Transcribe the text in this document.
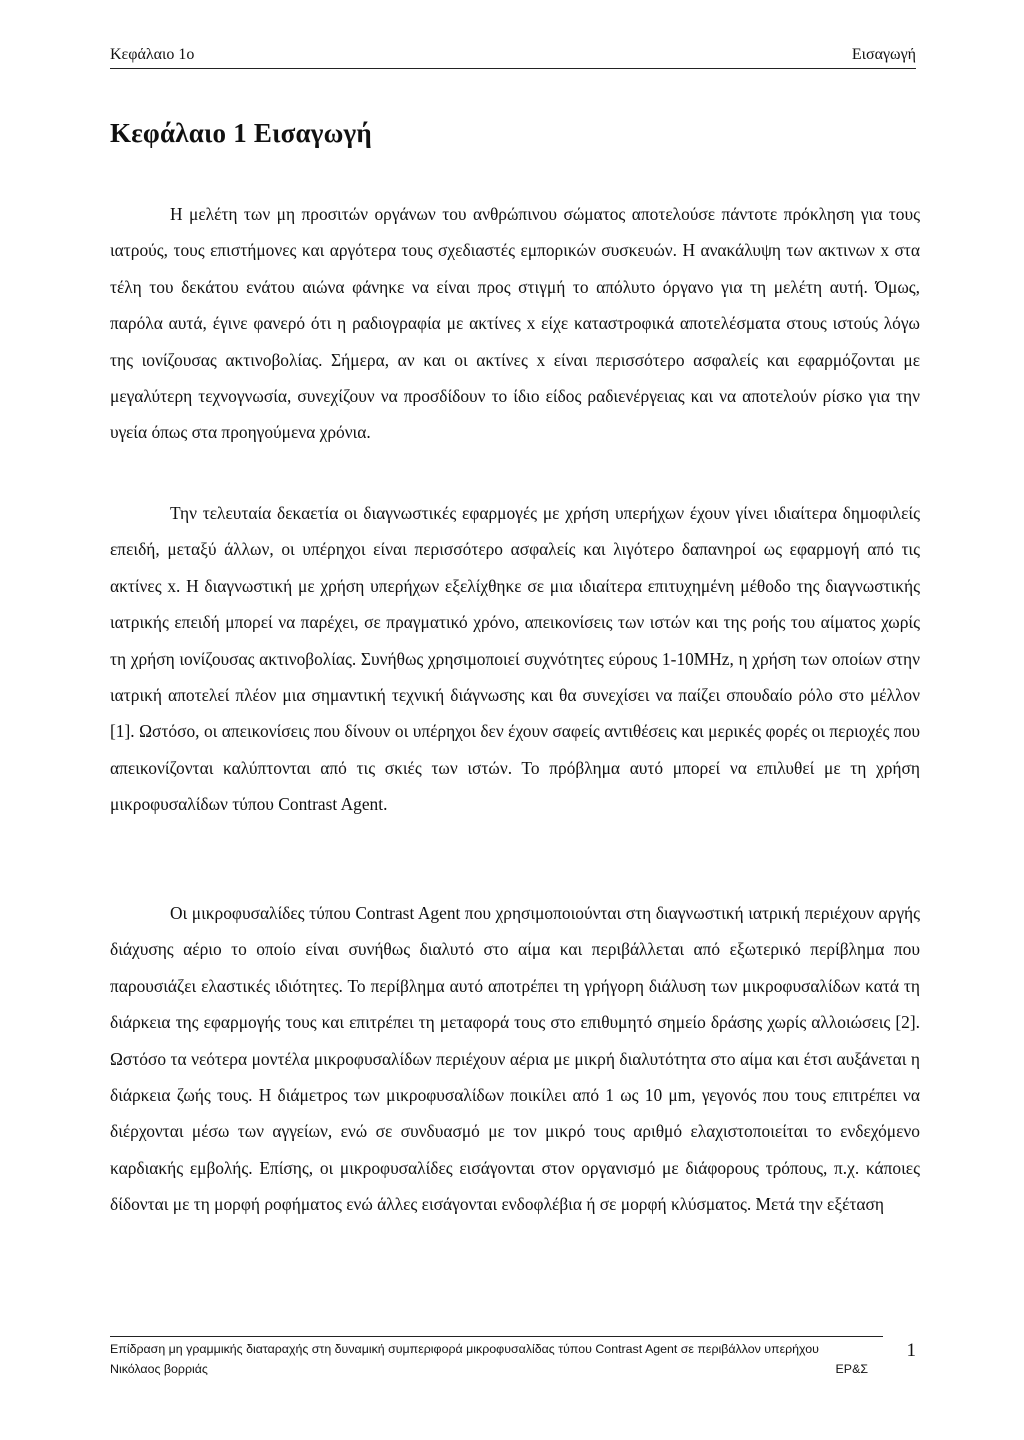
Κεφάλαιο 1ο	Εισαγωγή
Κεφάλαιο 1 Εισαγωγή

Η μελέτη των μη προσιτών οργάνων του ανθρώπινου σώματος αποτελούσε πάντοτε πρόκληση για τους ιατρούς, τους επιστήμονες και αργότερα τους σχεδιαστές εμπορικών συσκευών. Η ανακάλυψη των ακτινων x στα τέλη του δεκάτου ενάτου αιώνα φάνηκε να είναι προς στιγμή το απόλυτο όργανο για τη μελέτη αυτή. Όμως, παρόλα αυτά, έγινε φανερό ότι η ραδιογραφία με ακτίνες x είχε καταστροφικά αποτελέσματα στους ιστούς λόγω της ιονίζουσας ακτινοβολίας. Σήμερα, αν και οι ακτίνες x είναι περισσότερο ασφαλείς και εφαρμόζονται με μεγαλύτερη τεχνογνωσία, συνεχίζουν να προσδίδουν το ίδιο είδος ραδιενέργειας και να αποτελούν ρίσκο για την υγεία όπως στα προηγούμενα χρόνια.

Την τελευταία δεκαετία οι διαγνωστικές εφαρμογές με χρήση υπερήχων έχουν γίνει ιδιαίτερα δημοφιλείς επειδή, μεταξύ άλλων, οι υπέρηχοι είναι περισσότερο ασφαλείς και λιγότερο δαπανηροί ως εφαρμογή από τις ακτίνες x. Η διαγνωστική με χρήση υπερήχων εξελίχθηκε σε μια ιδιαίτερα επιτυχημένη μέθοδο της διαγνωστικής ιατρικής επειδή μπορεί να παρέχει, σε πραγματικό χρόνο, απεικονίσεις των ιστών και της ροής του αίματος χωρίς τη χρήση ιονίζουσας ακτινοβολίας. Συνήθως χρησιμοποιεί συχνότητες εύρους 1-10MHz, η χρήση των οποίων στην ιατρική αποτελεί πλέον μια σημαντική τεχνική διάγνωσης και θα συνεχίσει να παίζει σπουδαίο ρόλο στο μέλλον [1]. Ωστόσο, οι απεικονίσεις που δίνουν οι υπέρηχοι δεν έχουν σαφείς αντιθέσεις και μερικές φορές οι περιοχές που απεικονίζονται καλύπτονται από τις σκιές των ιστών. Το πρόβλημα αυτό μπορεί να επιλυθεί με τη χρήση μικροφυσαλίδων τύπου Contrast Agent.

Οι μικροφυσαλίδες τύπου Contrast Agent που χρησιμοποιούνται στη διαγνωστική ιατρική περιέχουν αργής διάχυσης αέριο το οποίο είναι συνήθως διαλυτό στο αίμα και περιβάλλεται από εξωτερικό περίβλημα που παρουσιάζει ελαστικές ιδιότητες. Το περίβλημα αυτό αποτρέπει τη γρήγορη διάλυση των μικροφυσαλίδων κατά τη διάρκεια της εφαρμογής τους και επιτρέπει τη μεταφορά τους στο επιθυμητό σημείο δράσης χωρίς αλλοιώσεις [2]. Ωστόσο τα νεότερα μοντέλα μικροφυσαλίδων περιέχουν αέρια με μικρή διαλυτότητα στο αίμα και έτσι αυξάνεται η διάρκεια ζωής τους. Η διάμετρος των μικροφυσαλίδων ποικίλει από 1 ως 10 μm, γεγονός που τους επιτρέπει να διέρχονται μέσω των αγγείων, ενώ σε συνδυασμό με τον μικρό τους αριθμό ελαχιστοποιείται το ενδεχόμενο καρδιακής εμβολής. Επίσης, οι μικροφυσαλίδες εισάγονται στον οργανισμό με διάφορους τρόπους, π.χ. κάποιες δίδονται με τη μορφή ροφήματος ενώ άλλες εισάγονται ενδοφλέβια ή σε μορφή κλύσματος. Μετά την εξέταση

Επίδραση μη γραμμικής διαταραχής στη δυναμική συμπεριφορά μικροφυσαλίδας τύπου Contrast Agent σε περιβάλλον υπερήχου	1
Νικόλαος βορριάς	ΕΡ&Σ
